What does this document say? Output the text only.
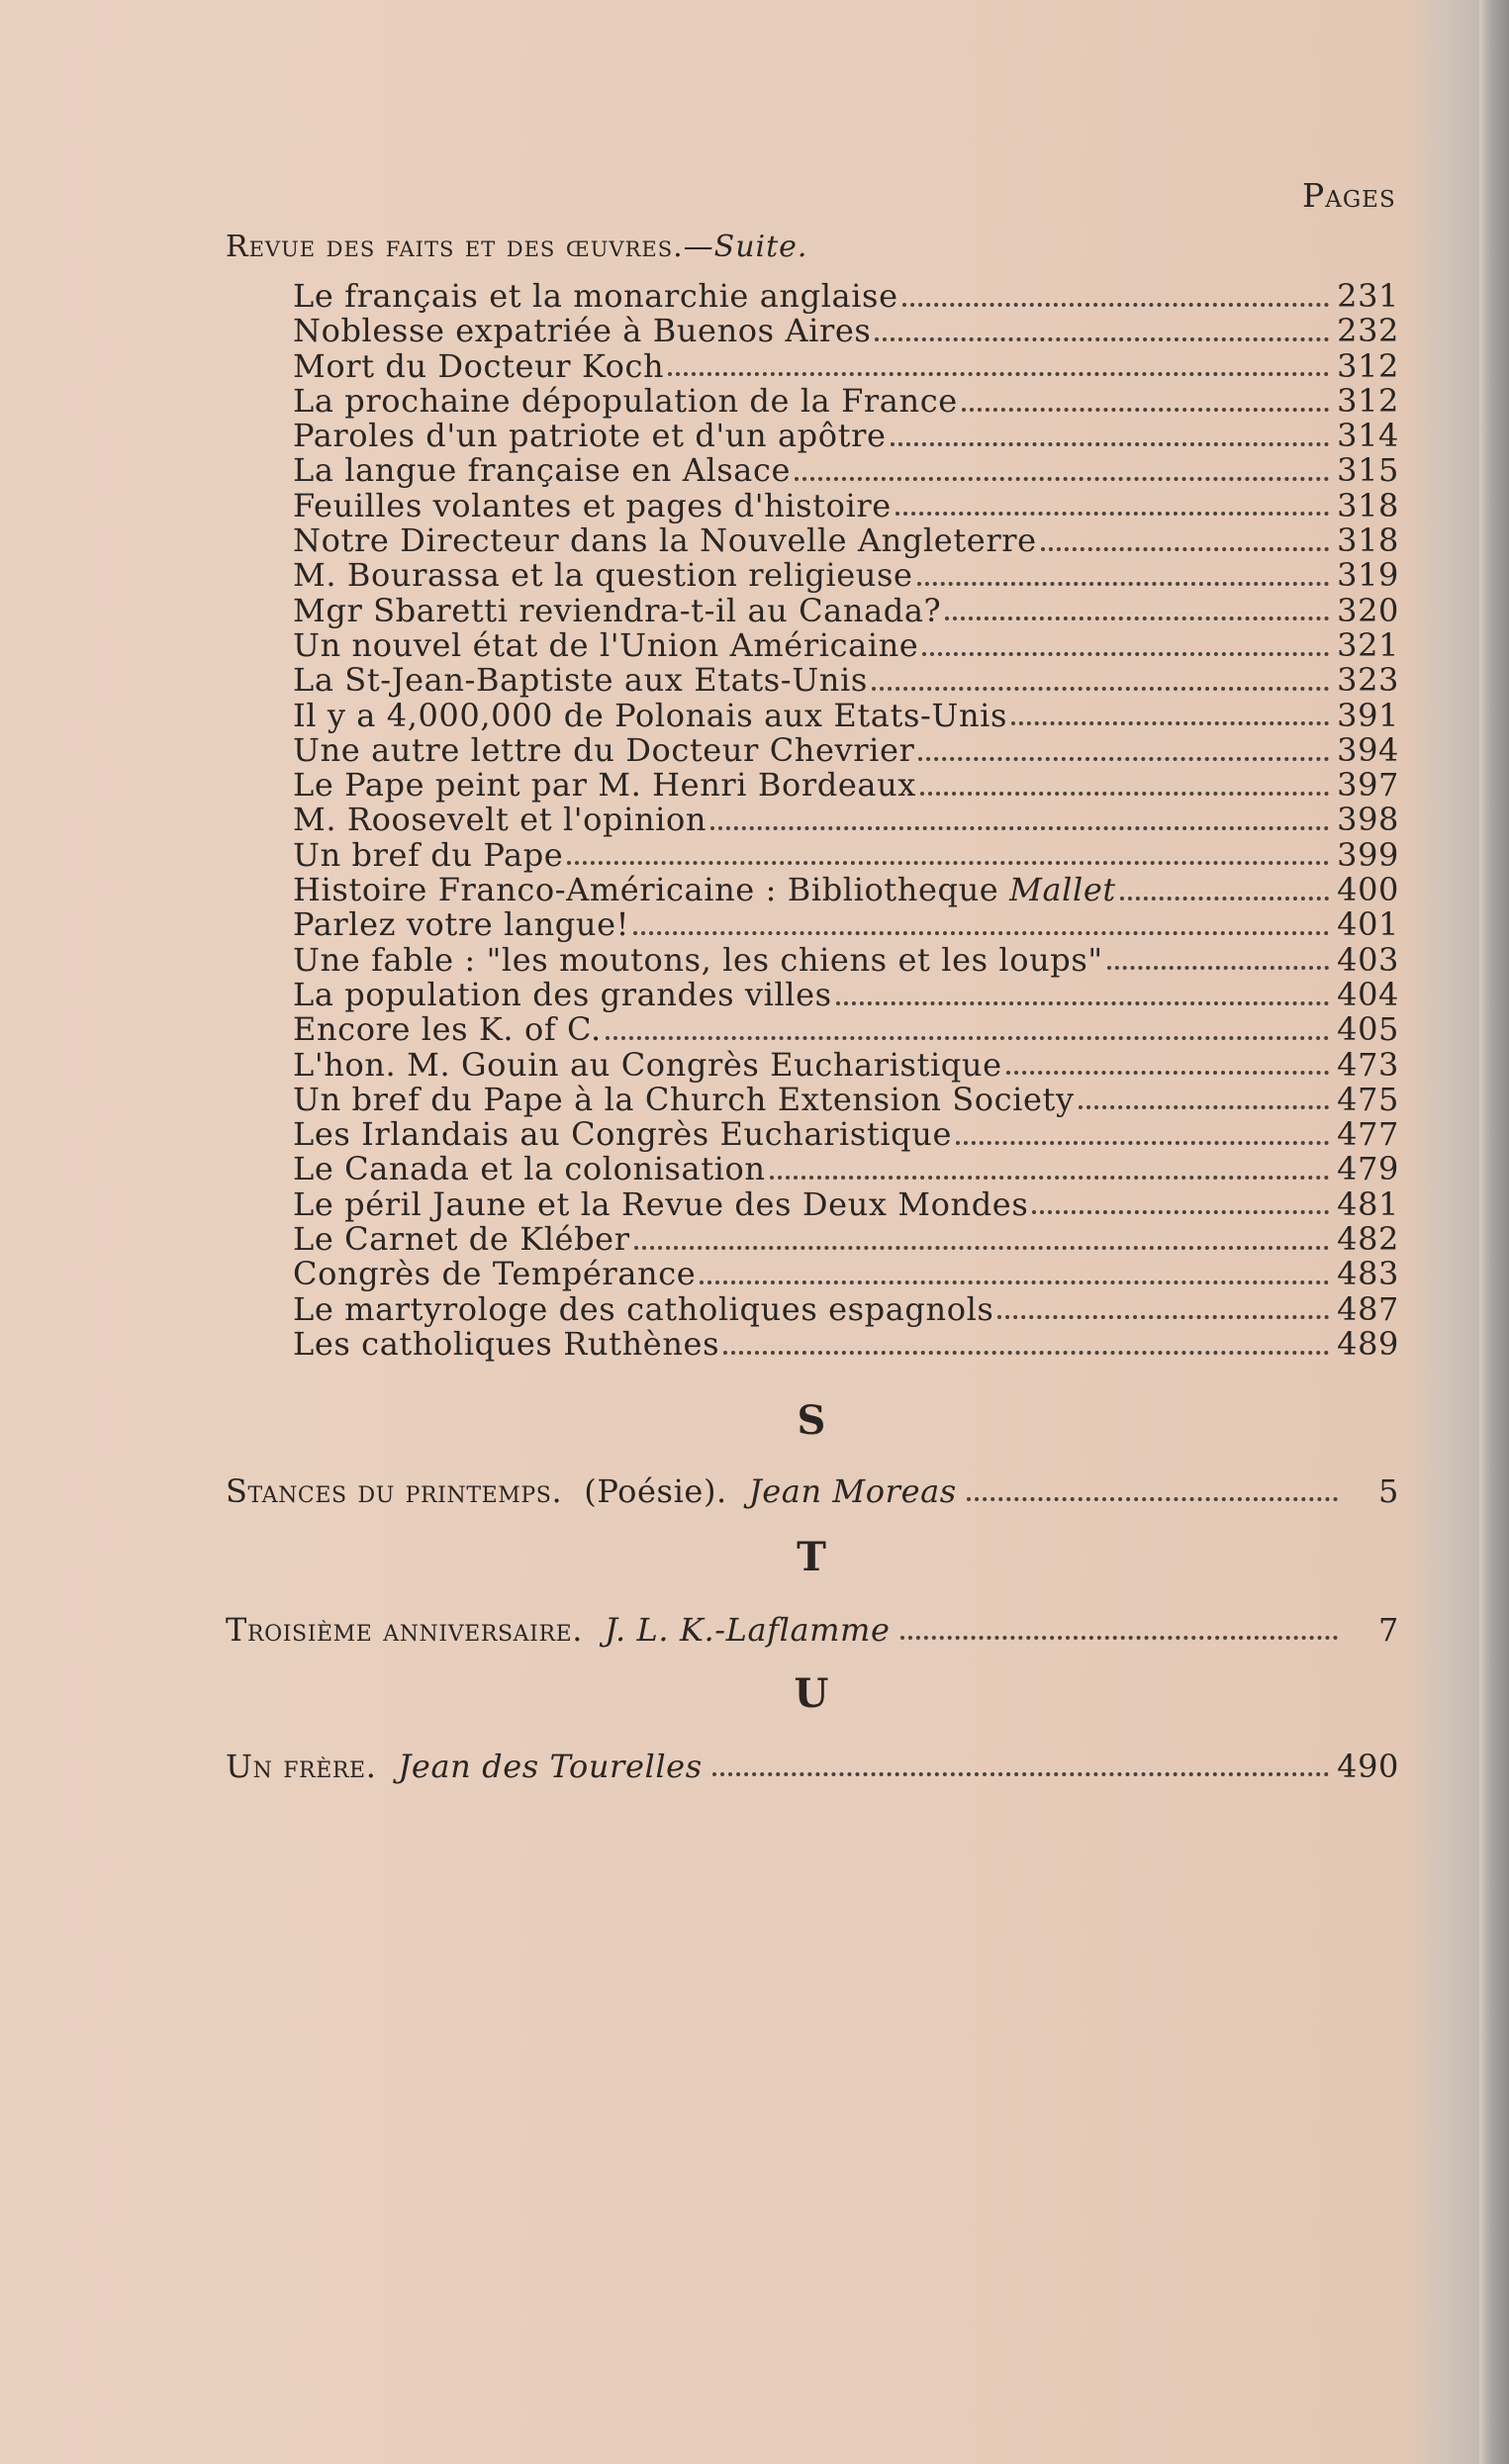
Pages
Revue des faits et des œuvres.—Suite.
Le français et la monarchie anglaise	231
Noblesse expatriée à Buenos Aires	232
Mort du Docteur Koch	312
La prochaine dépopulation de la France	312
Paroles d'un patriote et d'un apôtre	314
La langue française en Alsace	315
Feuilles volantes et pages d'histoire	318
Notre Directeur dans la Nouvelle Angleterre	318
M. Bourassa et la question religieuse	319
Mgr Sbaretti reviendra-t-il au Canada?	320
Un nouvel état de l'Union Américaine	321
La St-Jean-Baptiste aux Etats-Unis	323
Il y a 4,000,000 de Polonais aux Etats-Unis	391
Une autre lettre du Docteur Chevrier	394
Le Pape peint par M. Henri Bordeaux	397
M. Roosevelt et l'opinion	398
Un bref du Pape	399
Histoire Franco-Américaine : Bibliotheque Mallet	400
Parlez votre langue!	401
Une fable : "les moutons, les chiens et les loups"	403
La population des grandes villes	404
Encore les K. of C.	405
L'hon. M. Gouin au Congrès Eucharistique	473
Un bref du Pape à la Church Extension Society	475
Les Irlandais au Congrès Eucharistique	477
Le Canada et la colonisation	479
Le péril Jaune et la Revue des Deux Mondes	481
Le Carnet de Kléber	482
Congrès de Tempérance	483
Le martyrologe des catholiques espagnols	487
Les catholiques Ruthènes	489
S
Stances du printemps. (Poésie). Jean Moreas	5
T
Troisième anniversaire. J. L. K.-Laflamme	7
U
Un frère. Jean des Tourelles	490
